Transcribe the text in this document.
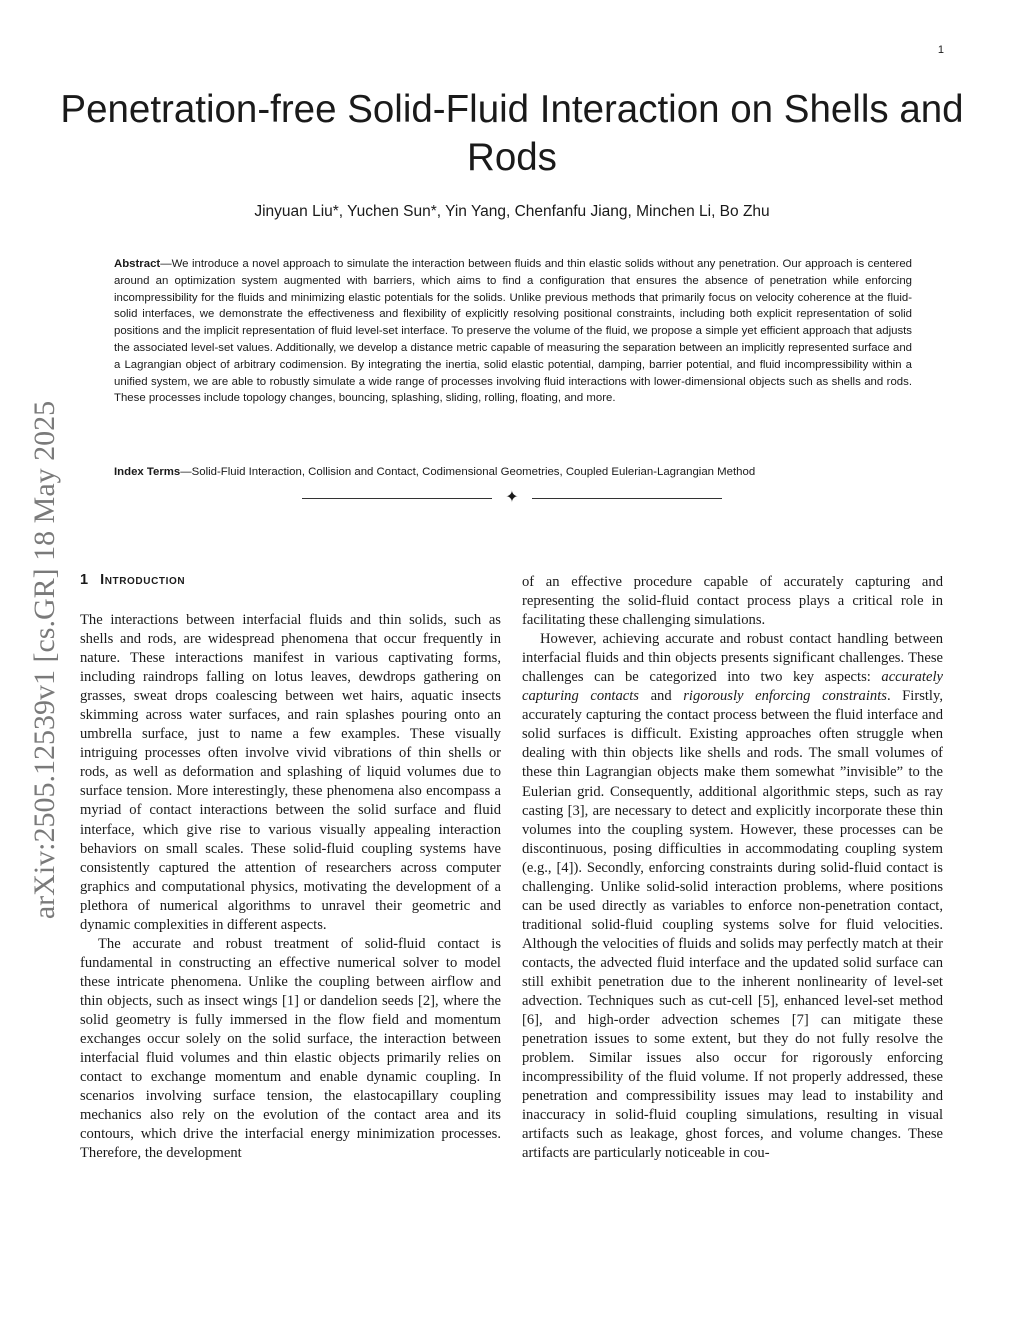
1
arXiv:2505.12539v1 [cs.GR] 18 May 2025
Penetration-free Solid-Fluid Interaction on Shells and Rods
Jinyuan Liu*, Yuchen Sun*, Yin Yang, Chenfanfu Jiang, Minchen Li, Bo Zhu

Abstract—We introduce a novel approach to simulate the interaction between fluids and thin elastic solids without any penetration. Our approach is centered around an optimization system augmented with barriers, which aims to find a configuration that ensures the absence of penetration while enforcing incompressibility for the fluids and minimizing elastic potentials for the solids. Unlike previous methods that primarily focus on velocity coherence at the fluid-solid interfaces, we demonstrate the effectiveness and flexibility of explicitly resolving positional constraints, including both explicit representation of solid positions and the implicit representation of fluid level-set interface. To preserve the volume of the fluid, we propose a simple yet efficient approach that adjusts the associated level-set values. Additionally, we develop a distance metric capable of measuring the separation between an implicitly represented surface and a Lagrangian object of arbitrary codimension. By integrating the inertia, solid elastic potential, damping, barrier potential, and fluid incompressibility within a unified system, we are able to robustly simulate a wide range of processes involving fluid interactions with lower-dimensional objects such as shells and rods. These processes include topology changes, bouncing, splashing, sliding, rolling, floating, and more.

Index Terms—Solid-Fluid Interaction, Collision and Contact, Codimensional Geometries, Coupled Eulerian-Lagrangian Method
✦
1 Introduction

The interactions between interfacial fluids and thin solids, such as shells and rods, are widespread phenomena that occur frequently in nature. These interactions manifest in various captivating forms, including raindrops falling on lotus leaves, dewdrops gathering on grasses, sweat drops coalescing between wet hairs, aquatic insects skimming across water surfaces, and rain splashes pouring onto an umbrella surface, just to name a few examples. These visually intriguing processes often involve vivid vibrations of thin shells or rods, as well as deformation and splashing of liquid volumes due to surface tension. More interestingly, these phenomena also encompass a myriad of contact interactions between the solid surface and fluid interface, which give rise to various visually appealing interaction behaviors on small scales. These solid-fluid coupling systems have consistently captured the attention of researchers across computer graphics and computational physics, motivating the development of a plethora of numerical algorithms to unravel their geometric and dynamic complexities in different aspects.

The accurate and robust treatment of solid-fluid contact is fundamental in constructing an effective numerical solver to model these intricate phenomena. Unlike the coupling between airflow and thin objects, such as insect wings [1] or dandelion seeds [2], where the solid geometry is fully immersed in the flow field and momentum exchanges occur solely on the solid surface, the interaction between interfacial fluid volumes and thin elastic objects primarily relies on contact to exchange momentum and enable dynamic coupling. In scenarios involving surface tension, the elastocapillary coupling mechanics also rely on the evolution of the contact area and its contours, which drive the interfacial energy minimization processes. Therefore, the development

of an effective procedure capable of accurately capturing and representing the solid-fluid contact process plays a critical role in facilitating these challenging simulations.

However, achieving accurate and robust contact handling between interfacial fluids and thin objects presents significant challenges. These challenges can be categorized into two key aspects: accurately capturing contacts and rigorously enforcing constraints. Firstly, accurately capturing the contact process between the fluid interface and solid surfaces is difficult. Existing approaches often struggle when dealing with thin objects like shells and rods. The small volumes of these thin Lagrangian objects make them somewhat ”invisible” to the Eulerian grid. Consequently, additional algorithmic steps, such as ray casting [3], are necessary to detect and explicitly incorporate these thin volumes into the coupling system. However, these processes can be discontinuous, posing difficulties in accommodating coupling system (e.g., [4]). Secondly, enforcing constraints during solid-fluid contact is challenging. Unlike solid-solid interaction problems, where positions can be used directly as variables to enforce non-penetration contact, traditional solid-fluid coupling systems solve for fluid velocities. Although the velocities of fluids and solids may perfectly match at their contacts, the advected fluid interface and the updated solid surface can still exhibit penetration due to the inherent nonlinearity of level-set advection. Techniques such as cut-cell [5], enhanced level-set method [6], and high-order advection schemes [7] can mitigate these penetration issues to some extent, but they do not fully resolve the problem. Similar issues also occur for rigorously enforcing incompressibility of the fluid volume. If not properly addressed, these penetration and compressibility issues may lead to instability and inaccuracy in solid-fluid coupling simulations, resulting in visual artifacts such as leakage, ghost forces, and volume changes. These artifacts are particularly noticeable in cou-
